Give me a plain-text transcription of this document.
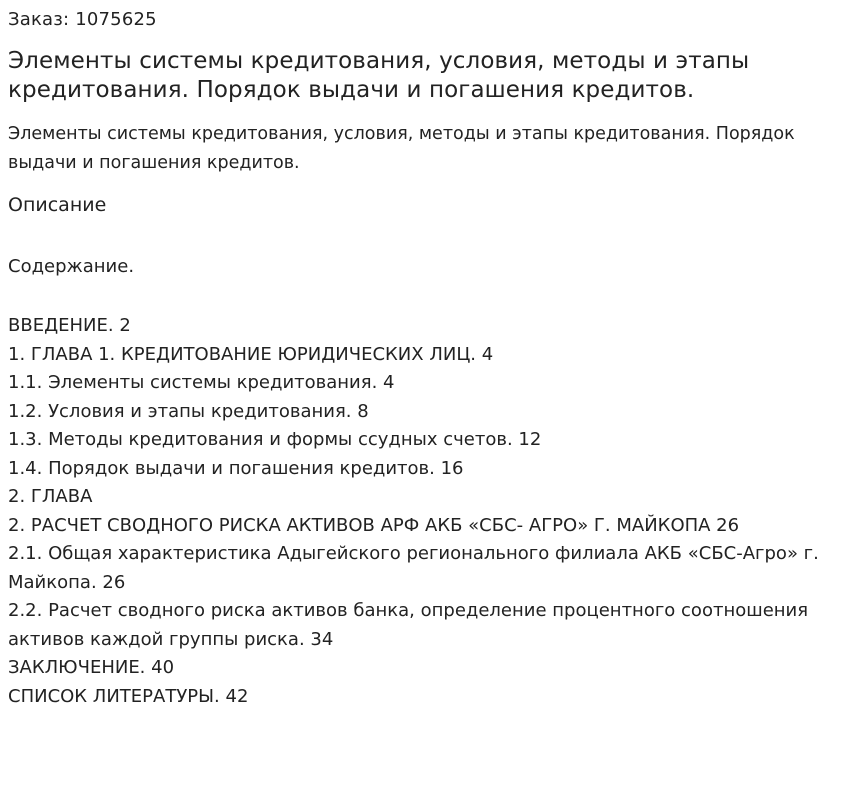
Заказ: 1075625
Элементы системы кредитования, условия, методы и этапы кредитования. Порядок выдачи и погашения кредитов.
Элементы системы кредитования, условия, методы и этапы кредитования. Порядок выдачи и погашения кредитов.
Описание
Содержание.
ВВЕДЕНИЕ. 2
1. ГЛАВА 1. КРЕДИТОВАНИЕ ЮРИДИЧЕСКИХ ЛИЦ. 4
1.1. Элементы системы кредитования. 4
1.2. Условия и этапы кредитования. 8
1.3. Методы кредитования и формы ссудных счетов. 12
1.4. Порядок выдачи и погашения кредитов. 16
2. ГЛАВА
2. РАСЧЕТ СВОДНОГО РИСКА АКТИВОВ АРФ АКБ «СБС- АГРО» Г. МАЙКОПА 26
2.1. Общая характеристика Адыгейского регионального филиала АКБ «СБС-Агро» г. Майкопа. 26
2.2. Расчет сводного риска активов банка, определение процентного соотношения активов каждой группы риска. 34
ЗАКЛЮЧЕНИЕ. 40
СПИСОК ЛИТЕРАТУРЫ. 42
